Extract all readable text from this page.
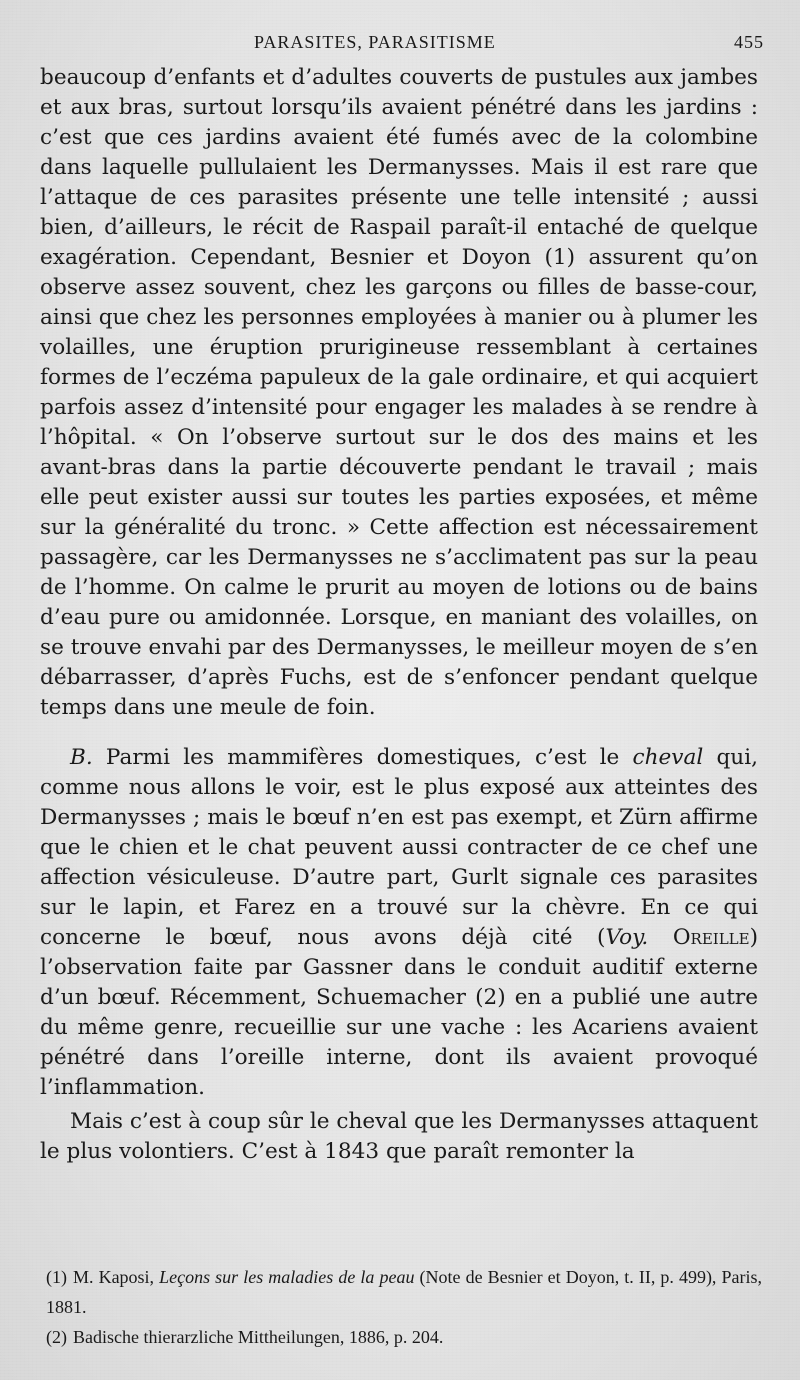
PARASITES, PARASITISME	455

beaucoup d’enfants et d’adultes couverts de pustules aux jambes et aux bras, surtout lorsqu’ils avaient pénétré dans les jardins : c’est que ces jardins avaient été fumés avec de la colombine dans laquelle pullulaient les Dermanysses. Mais il est rare que l’attaque de ces parasites présente une telle intensité ; aussi bien, d’ailleurs, le récit de Raspail paraît-il entaché de quelque exagération. Cependant, Besnier et Doyon (1) assurent qu’on observe assez souvent, chez les garçons ou filles de basse-cour, ainsi que chez les personnes employées à manier ou à plumer les volailles, une éruption prurigineuse ressemblant à certaines formes de l’eczéma papuleux de la gale ordinaire, et qui acquiert parfois assez d’intensité pour engager les malades à se rendre à l’hôpital. « On l’observe surtout sur le dos des mains et les avant-bras dans la partie découverte pendant le travail ; mais elle peut exister aussi sur toutes les parties exposées, et même sur la généralité du tronc. » Cette affection est nécessairement passagère, car les Dermanysses ne s’acclimatent pas sur la peau de l’homme. On calme le prurit au moyen de lotions ou de bains d’eau pure ou amidonnée. Lorsque, en maniant des volailles, on se trouve envahi par des Dermanysses, le meilleur moyen de s’en débarrasser, d’après Fuchs, est de s’enfoncer pendant quelque temps dans une meule de foin.

B. Parmi les mammifères domestiques, c’est le cheval qui, comme nous allons le voir, est le plus exposé aux atteintes des Dermanysses ; mais le bœuf n’en est pas exempt, et Zürn affirme que le chien et le chat peuvent aussi contracter de ce chef une affection vésiculeuse. D’autre part, Gurlt signale ces parasites sur le lapin, et Farez en a trouvé sur la chèvre. En ce qui concerne le bœuf, nous avons déjà cité (Voy. Oreille) l’observation faite par Gassner dans le conduit auditif externe d’un bœuf. Récemment, Schuemacher (2) en a publié une autre du même genre, recueillie sur une vache : les Acariens avaient pénétré dans l’oreille interne, dont ils avaient provoqué l’inflammation.

Mais c’est à coup sûr le cheval que les Dermanysses attaquent le plus volontiers. C’est à 1843 que paraît remonter la

(1) M. Kaposi, Leçons sur les maladies de la peau (Note de Besnier et Doyon, t. II, p. 499), Paris, 1881.

(2) Badische thierarzliche Mittheilungen, 1886, p. 204.
